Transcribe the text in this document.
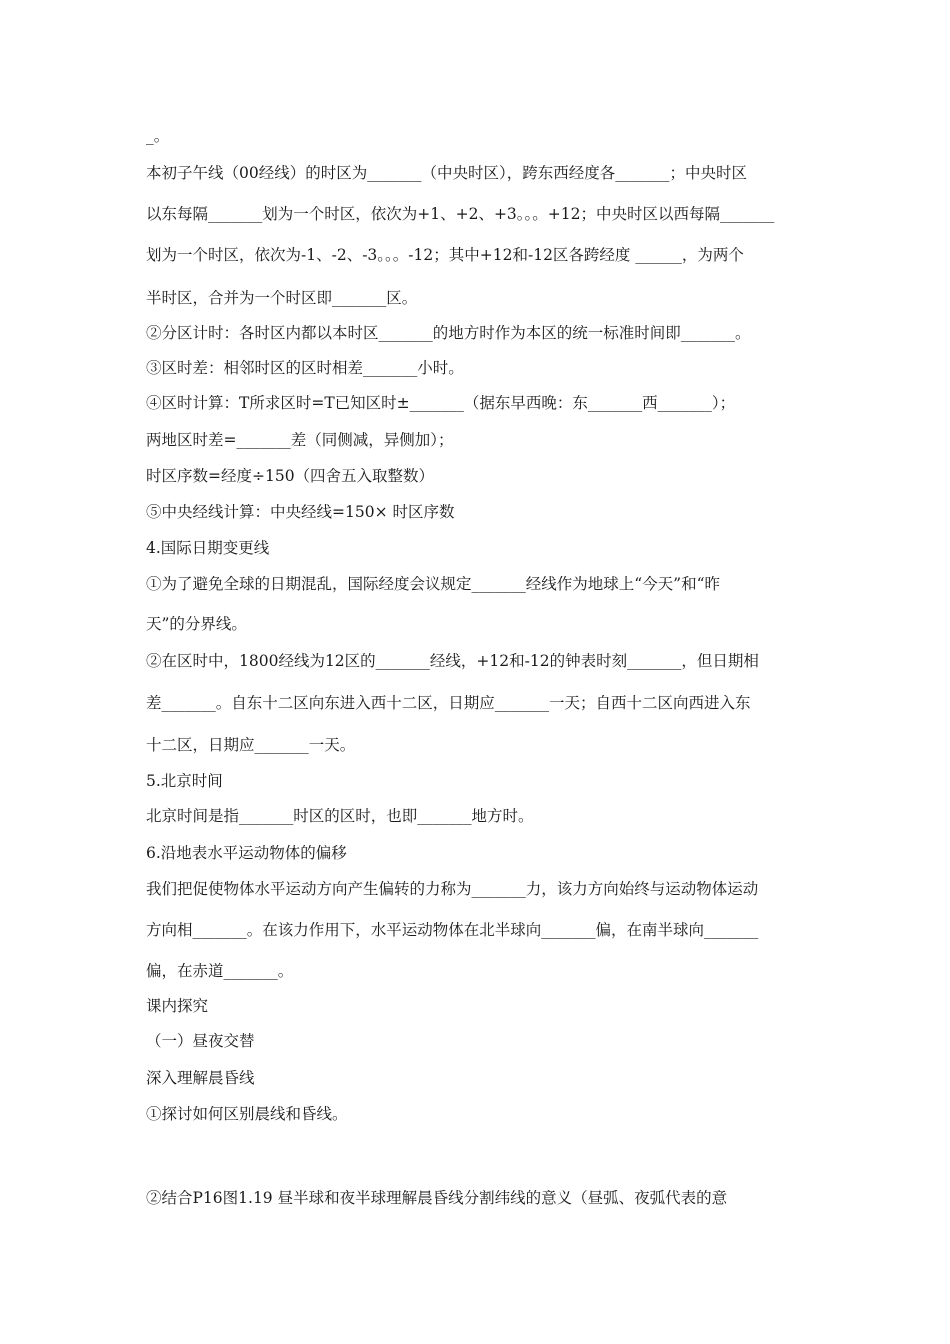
_。
本初子午线（00经线）的时区为_______（中央时区），跨东西经度各_______；中央时区
以东每隔_______划为一个时区，依次为+1、+2、+3。。。+12；中央时区以西每隔_______
划为一个时区，依次为-1、-2、-3。。。-12；其中+12和-12区各跨经度 ______，为两个
半时区，合并为一个时区即_______区。
②分区计时：各时区内都以本时区_______的地方时作为本区的统一标准时间即_______。
③区时差：相邻时区的区时相差_______小时。
④区时计算：T所求区时=T已知区时±_______（据东早西晚：东_______西_______）；
两地区时差=_______差（同侧减，异侧加）；
时区序数=经度÷150（四舍五入取整数）
⑤中央经线计算：中央经线=150× 时区序数
4.国际日期变更线
①为了避免全球的日期混乱，国际经度会议规定_______经线作为地球上“今天”和“昨
天”的分界线。
②在区时中，1800经线为12区的_______经线，+12和-12的钟表时刻_______，但日期相
差_______。自东十二区向东进入西十二区，日期应_______一天；自西十二区向西进入东
十二区，日期应_______一天。
5.北京时间
北京时间是指_______时区的区时，也即_______地方时。
6.沿地表水平运动物体的偏移
我们把促使物体水平运动方向产生偏转的力称为_______力，该力方向始终与运动物体运动
方向相_______。在该力作用下，水平运动物体在北半球向_______偏，在南半球向_______
偏，在赤道_______。
课内探究
（一）昼夜交替
深入理解晨昏线
①探讨如何区别晨线和昏线。
②结合P16图1.19 昼半球和夜半球理解晨昏线分割纬线的意义（昼弧、夜弧代表的意
